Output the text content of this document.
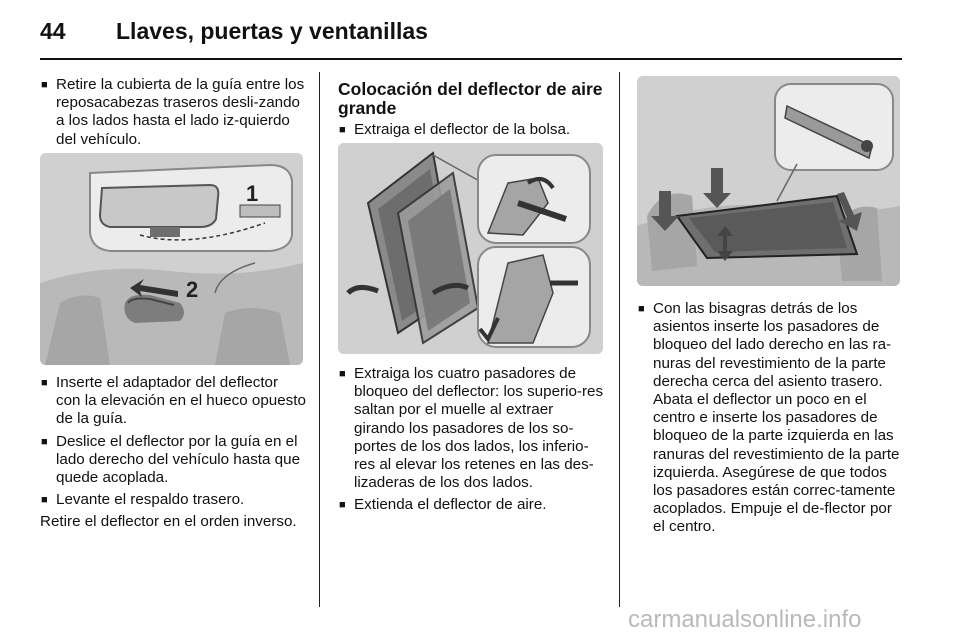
44 Llaves, puertas y ventanillas

■ Retire la cubierta de la guía entre los reposacabezas traseros desli-zando a los lados hasta el lado iz-quierdo del vehículo.

1
2

■ Inserte el adaptador del deflector con la elevación en el hueco opuesto de la guía.

■ Deslice el deflector por la guía en el lado derecho del vehículo hasta que quede acoplada.

■ Levante el respaldo trasero.

Retire el deflector en el orden inverso.

Colocación del deflector de aire grande

■ Extraiga el deflector de la bolsa.

■ Extraiga los cuatro pasadores de bloqueo del deflector: los superio-res saltan por el muelle al extraer girando los pasadores de los so-portes de los dos lados, los inferio-res al elevar los retenes en las des-lizaderas de los dos lados.

■ Extienda el deflector de aire.

■ Con las bisagras detrás de los asientos inserte los pasadores de bloqueo del lado derecho en las ra-nuras del revestimiento de la parte derecha cerca del asiento trasero. Abata el deflector un poco en el centro e inserte los pasadores de bloqueo de la parte izquierda en las ranuras del revestimiento de la parte izquierda. Asegúrese de que todos los pasadores están correc-tamente acoplados. Empuje el de-flector por el centro.

carmanualsonline.info
